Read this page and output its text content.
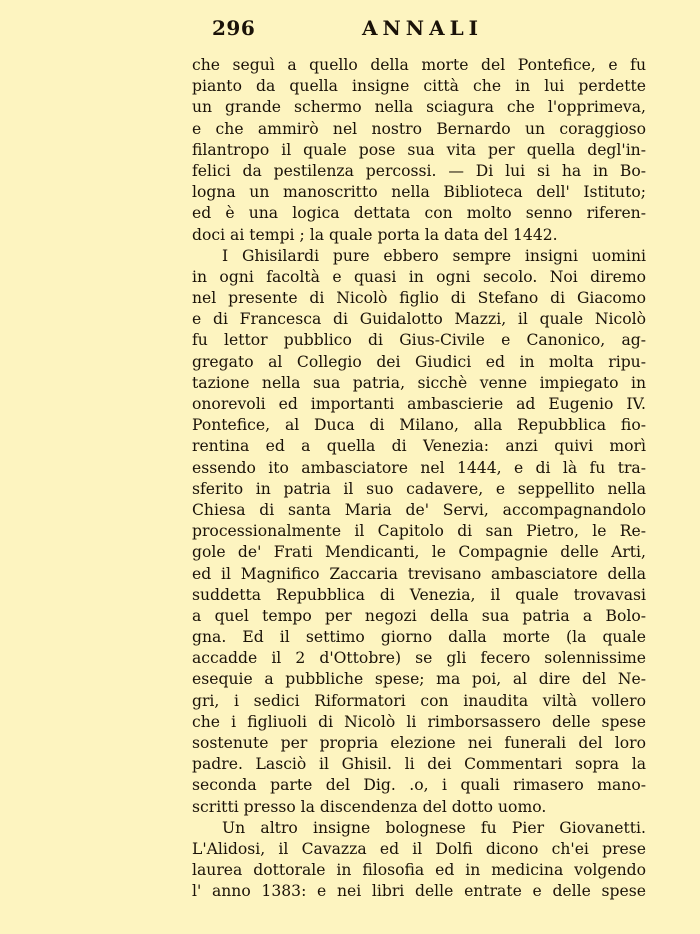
296	ANNALI
che seguì a quello della morte del Pontefice, e fu
pianto da quella insigne città che in lui perdette
un grande schermo nella sciagura che l'opprimeva,
e che ammirò nel nostro Bernardo un coraggioso
filantropo il quale pose sua vita per quella degl'in-
felici da pestilenza percossi. — Di lui si ha in Bo-
logna un manoscritto nella Biblioteca dell' Istituto;
ed è una logica dettata con molto senno riferen-
doci ai tempi ; la quale porta la data del 1442.
I Ghisilardi pure ebbero sempre insigni uomini
in ogni facoltà e quasi in ogni secolo. Noi diremo
nel presente di Nicolò figlio di Stefano di Giacomo
e di Francesca di Guidalotto Mazzi, il quale Nicolò
fu lettor pubblico di Gius-Civile e Canonico, ag-
gregato al Collegio dei Giudici ed in molta ripu-
tazione nella sua patria, sicchè venne impiegato in
onorevoli ed importanti ambascierie ad Eugenio IV.
Pontefice, al Duca di Milano, alla Repubblica fio-
rentina ed a quella di Venezia: anzi quivi morì
essendo ito ambasciatore nel 1444, e di là fu tra-
sferito in patria il suo cadavere, e seppellito nella
Chiesa di santa Maria de' Servi, accompagnandolo
processionalmente il Capitolo di san Pietro, le Re-
gole de' Frati Mendicanti, le Compagnie delle Arti,
ed il Magnifico Zaccaria trevisano ambasciatore della
suddetta Repubblica di Venezia, il quale trovavasi
a quel tempo per negozi della sua patria a Bolo-
gna. Ed il settimo giorno dalla morte (la quale
accadde il 2 d'Ottobre) se gli fecero solennissime
esequie a pubbliche spese; ma poi, al dire del Ne-
gri, i sedici Riformatori con inaudita viltà vollero
che i figliuoli di Nicolò li rimborsassero delle spese
sostenute per propria elezione nei funerali del loro
padre. Lasciò il Ghisil. li dei Commentari sopra la
seconda parte del Dig. .o, i quali rimasero mano-
scritti presso la discendenza del dotto uomo.
Un altro insigne bolognese fu Pier Giovanetti.
L'Alidosi, il Cavazza ed il Dolfi dicono ch'ei prese
laurea dottorale in filosofia ed in medicina volgendo
l' anno 1383: e nei libri delle entrate e delle spese
